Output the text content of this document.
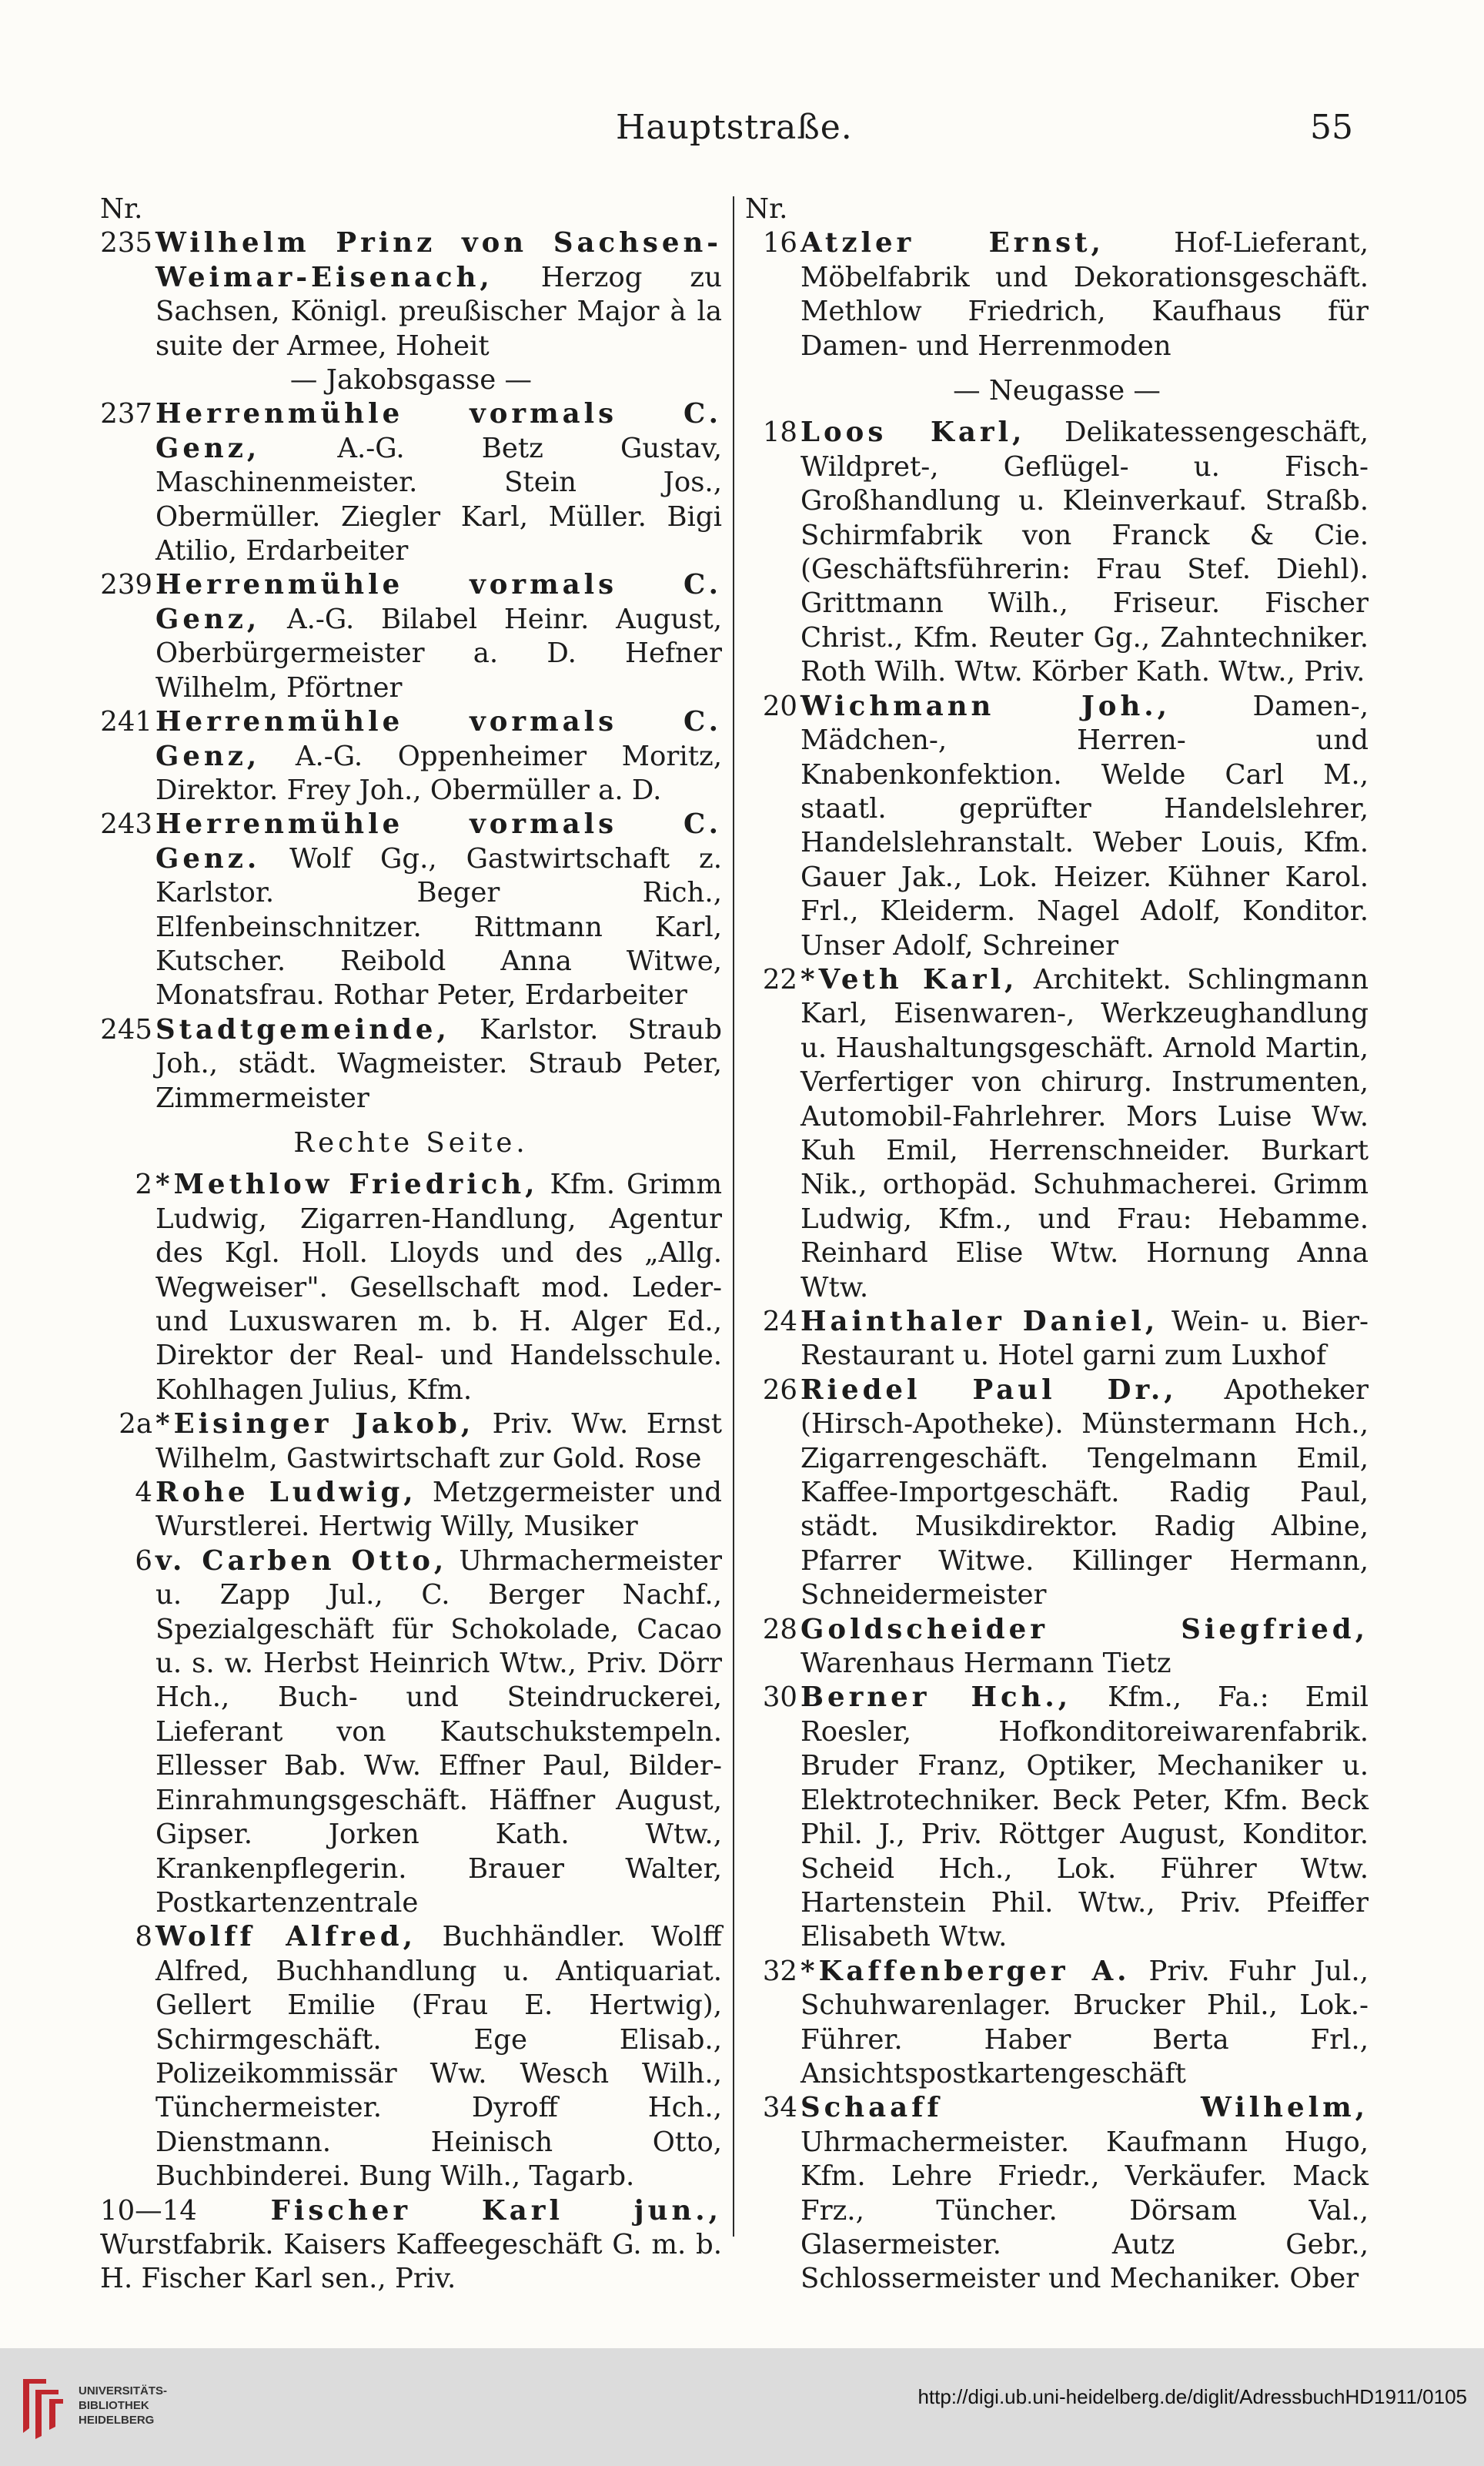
Hauptstraße.	55
Nr.
235 Wilhelm Prinz von Sachsen-Weimar-Eisenach, Herzog zu Sachsen, Königl. preußischer Major à la suite der Armee, Hoheit
— Jakobsgasse —
237 Herrenmühle vormals C. Genz,	A.-G. Betz Gustav, Maschinenmeister. Stein Jos., Obermüller. Ziegler Karl, Müller. Bigi Atilio, Erdarbeiter
239 Herrenmühle vormals C. Genz, A.-G. Bilabel Heinr. August, Oberbürgermeister a. D. Hefner Wilhelm, Pförtner
241 Herrenmühle vormals C. Genz, A.-G. Oppenheimer Moritz, Direktor. Frey Joh., Obermüller a. D.
243 Herrenmühle vormals C. Genz. Wolf Gg., Gastwirtschaft z. Karlstor. Beger Rich., Elfenbeinschnitzer. Rittmann Karl, Kutscher. Reibold Anna Witwe, Monatsfrau. Rothar Peter, Erdarbeiter
245 Stadtgemeinde, Karlstor. Straub Joh., städt. Wagmeister. Straub Peter, Zimmermeister
Rechte Seite.
2 *Methlow Friedrich, Kfm. Grimm Ludwig, Zigarren-Handlung, Agentur des Kgl. Holl. Lloyds und des „Allg. Wegweiser". Gesellschaft mod. Leder- und Luxuswaren m. b. H. Alger Ed., Direktor der Real- und Handelsschule. Kohlhagen Julius, Kfm.
2a *Eisinger Jakob, Priv. Ww. Ernst Wilhelm, Gastwirtschaft zur Gold. Rose
4 Rohe Ludwig, Metzgermeister und Wurstlerei. Hertwig Willy, Musiker
6 v. Carben Otto, Uhrmachermeister u. Zapp Jul., C. Berger Nachf., Spezialgeschäft für Schokolade, Cacao u. s. w. Herbst Heinrich Wtw., Priv. Dörr Hch., Buch- und Steindruckerei, Lieferant von Kautschukstempeln. Ellesser Bab. Ww. Effner Paul, Bilder-Einrahmungsgeschäft. Häffner August, Gipser. Jorken Kath. Wtw., Krankenpflegerin. Brauer Walter, Postkartenzentrale
8 Wolff Alfred, Buchhändler. Wolff Alfred, Buchhandlung u. Antiquariat. Gellert Emilie (Frau E. Hertwig), Schirmgeschäft. Ege Elisab., Polizeikommissär Ww. Wesch Wilh., Tünchermeister. Dyroff Hch., Dienstmann. Heinisch Otto, Buchbinderei. Bung Wilh., Tagarb.
10—14	Fischer Karl jun., Wurstfabrik. Kaisers Kaffeegeschäft G. m. b. H. Fischer Karl sen., Priv.
Nr.
16 Atzler Ernst,	Hof-Lieferant, Möbelfabrik und Dekorationsgeschäft. Methlow Friedrich, Kaufhaus für Damen- und Herrenmoden
— Neugasse —
18 Loos Karl, Delikatessengeschäft, Wildpret-, Geflügel- u. Fisch-Großhandlung u. Kleinverkauf. Straßb. Schirmfabrik von Franck & Cie. (Geschäftsführerin: Frau Stef. Diehl). Grittmann Wilh., Friseur. Fischer Christ., Kfm. Reuter Gg., Zahntechniker. Roth Wilh. Wtw. Körber Kath. Wtw., Priv.
20 Wichmann Joh.,	Damen-, Mädchen-, Herren- und Knabenkonfektion. Welde Carl M., staatl. geprüfter Handelslehrer, Handelslehranstalt. Weber Louis, Kfm. Gauer Jak., Lok. Heizer. Kühner Karol. Frl., Kleiderm. Nagel Adolf, Konditor. Unser Adolf, Schreiner
22 *Veth Karl, Architekt. Schlingmann Karl, Eisenwaren-, Werkzeughandlung u. Haushaltungsgeschäft. Arnold Martin, Verfertiger von chirurg. Instrumenten, Automobil-Fahrlehrer. Mors Luise Ww. Kuh Emil, Herrenschneider. Burkart Nik., orthopäd. Schuhmacherei. Grimm Ludwig, Kfm., und Frau: Hebamme. Reinhard Elise Wtw. Hornung Anna Wtw.
24 Hainthaler Daniel, Wein- u. Bier-Restaurant u. Hotel garni zum Luxhof
26 Riedel Paul Dr., Apotheker (Hirsch-Apotheke). Münstermann Hch., Zigarrengeschäft. Tengelmann Emil, Kaffee-Importgeschäft. Radig Paul, städt. Musikdirektor. Radig Albine, Pfarrer Witwe. Killinger Hermann, Schneidermeister
28 Goldscheider Siegfried, Warenhaus Hermann Tietz
30 Berner Hch., Kfm., Fa.: Emil Roesler, Hofkonditoreiwarenfabrik. Bruder Franz, Optiker, Mechaniker u. Elektrotechniker. Beck Peter, Kfm. Beck Phil. J., Priv. Röttger August, Konditor. Scheid Hch., Lok. Führer Wtw. Hartenstein Phil. Wtw., Priv. Pfeiffer Elisabeth Wtw.
32 *Kaffenberger A. Priv. Fuhr Jul., Schuhwarenlager. Brucker Phil., Lok.-Führer. Haber Berta Frl., Ansichtspostkartengeschäft
34 Schaaff Wilhelm, Uhrmachermeister. Kaufmann Hugo, Kfm. Lehre Friedr., Verkäufer. Mack Frz., Tüncher. Dörsam Val., Glasermeister. Autz Gebr., Schlossermeister und Mechaniker. Ober
UNIVERSITÄTS-
BIBLIOTHEK
HEIDELBERG
http://digi.ub.uni-heidelberg.de/diglit/AdressbuchHD1911/0105
